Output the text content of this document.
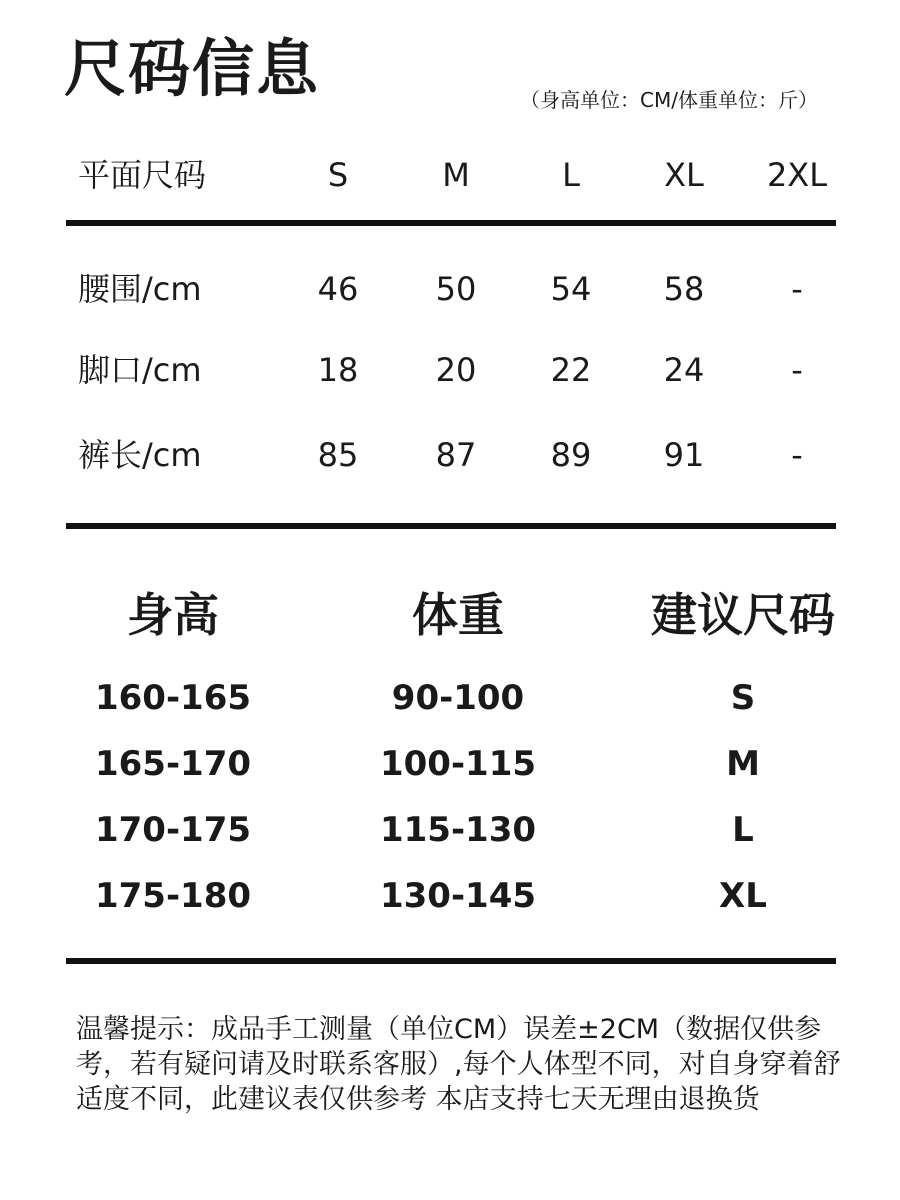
尺码信息	（身高单位：CM/体重单位：斤）
平面尺码	S	M	L	XL	2XL
腰围/cm	46	50	54	58	-
脚口/cm	18	20	22	24	-
裤长/cm	85	87	89	91	-
身高	体重	建议尺码
160-165	90-100	S
165-170	100-115	M
170-175	115-130	L
175-180	130-145	XL
温馨提示：成品手工测量（单位CM）误差±2CM（数据仅供参考，若有疑问请及时联系客服）,每个人体型不同，对自身穿着舒适度不同，此建议表仅供参考 本店支持七天无理由退换货
